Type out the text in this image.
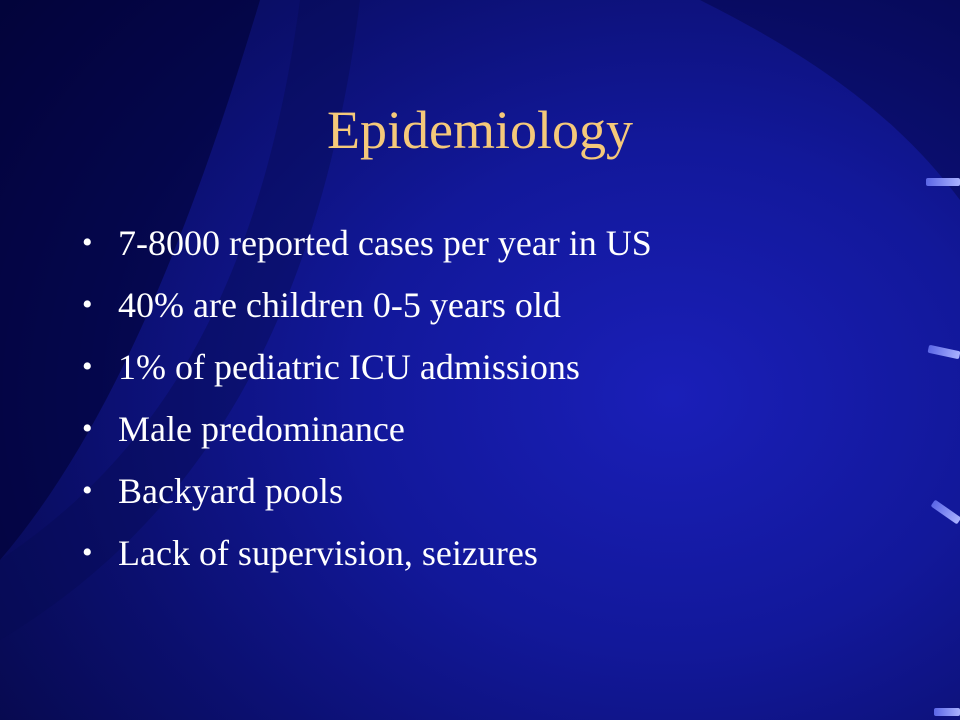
Epidemiology
• 7-8000 reported cases per year in US
• 40% are children 0-5 years old
• 1% of pediatric ICU admissions
• Male predominance
• Backyard pools
• Lack of supervision, seizures
